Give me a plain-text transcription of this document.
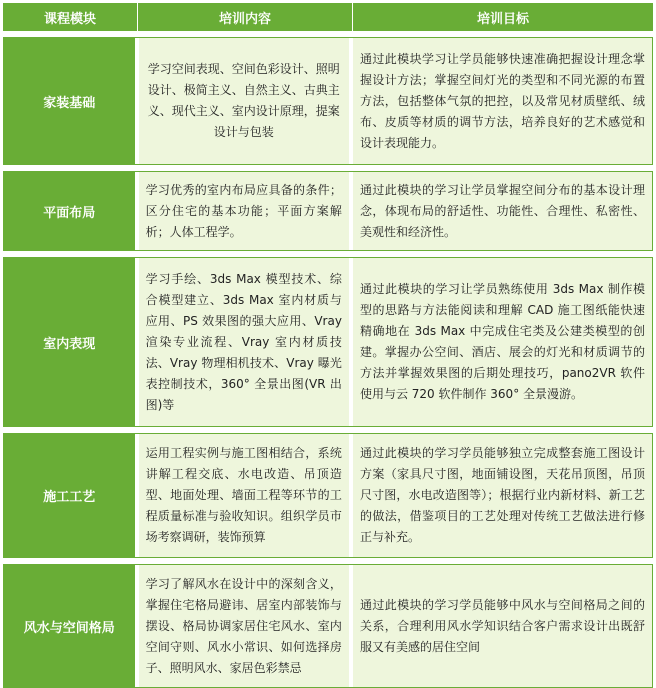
课程模块	培训内容	培训目标
家装基础
学习空间表现、空间色彩设计、照明设计、极简主义、自然主义、古典主义、现代主义、室内设计原理，提案设计与包装
通过此模块学习让学员能够快速准确把握设计理念掌握设计方法；掌握空间灯光的类型和不同光源的布置方法，包括整体气氛的把控，以及常见材质壁纸、绒布、皮质等材质的调节方法，培养良好的艺术感觉和设计表现能力。
平面布局
学习优秀的室内布局应具备的条件；区分住宅的基本功能；平面方案解析；人体工程学。
通过此模块的学习让学员掌握空间分布的基本设计理念，体现布局的舒适性、功能性、合理性、私密性、美观性和经济性。
室内表现
学习手绘、3ds Max 模型技术、综合模型建立、3ds Max 室内材质与应用、PS 效果图的强大应用、Vray 渲染专业流程、Vray 室内材质技法、Vray 物理相机技术、Vray 曝光表控制技术，360° 全景出图(VR 出图)等
通过此模块的学习让学员熟练使用 3ds Max 制作模型的思路与方法能阅读和理解 CAD 施工图纸能快速精确地在 3ds Max 中完成住宅类及公建类模型的创建。掌握办公空间、酒店、展会的灯光和材质调节的方法并掌握效果图的后期处理技巧，pano2VR 软件使用与云 720 软件制作 360° 全景漫游。
施工工艺
运用工程实例与施工图相结合，系统讲解工程交底、水电改造、吊顶造型、地面处理、墙面工程等环节的工程质量标准与验收知识。组织学员市场考察调研，装饰预算
通过此模块的学习学员能够独立完成整套施工图设计方案（家具尺寸图，地面铺设图，天花吊顶图，吊顶尺寸图，水电改造图等）；根据行业内新材料、新工艺的做法，借鉴项目的工艺处理对传统工艺做法进行修正与补充。
风水与空间格局
学习了解风水在设计中的深刻含义，掌握住宅格局避讳、居室内部装饰与摆设、格局协调家居住宅风水、室内空间守则、风水小常识、如何选择房子、照明风水、家居色彩禁忌
通过此模块的学习学员能够中风水与空间格局之间的关系，合理利用风水学知识结合客户需求设计出既舒服又有美感的居住空间
